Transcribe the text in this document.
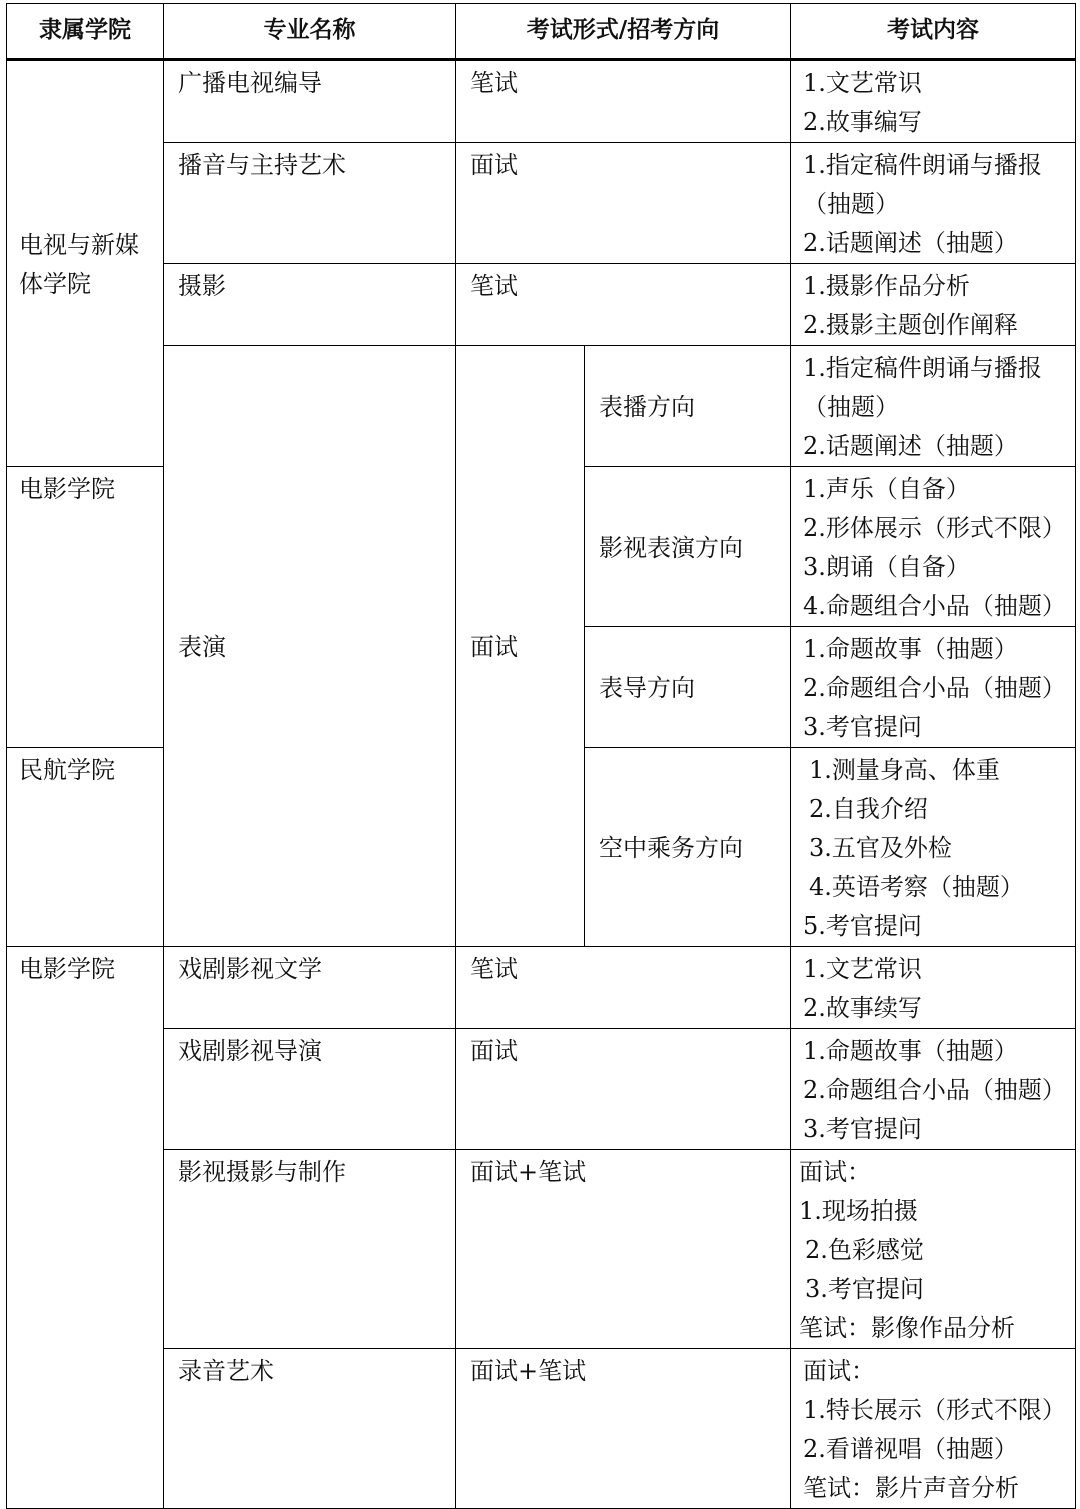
隶属学院	专业名称	考试形式/招考方向		考试内容

电视与新媒体学院	广播电视编导	笔试		1.文艺常识
2.故事编写

	播音与主持艺术	面试		1.指定稿件朗诵与播报
（抽题）
2.话题阐述（抽题）

	摄影	笔试		1.摄影作品分析
2.摄影主题创作阐释

	表演	面试	表播方向	1.指定稿件朗诵与播报
（抽题）
2.话题阐述（抽题）

电影学院			影视表演方向	1.声乐（自备）
2.形体展示（形式不限）
3.朗诵（自备）
4.命题组合小品（抽题）

			表导方向	1.命题故事（抽题）
2.命题组合小品（抽题）
3.考官提问

民航学院			空中乘务方向	1.测量身高、体重
2.自我介绍
3.五官及外检
4.英语考察（抽题）
5.考官提问

电影学院	戏剧影视文学	笔试		1.文艺常识
2.故事续写

	戏剧影视导演	面试		1.命题故事（抽题）
2.命题组合小品（抽题）
3.考官提问

	影视摄影与制作	面试+笔试		面试：
1.现场拍摄
2.色彩感觉
3.考官提问
笔试：影像作品分析

	录音艺术	面试+笔试		面试：
1.特长展示（形式不限）
2.看谱视唱（抽题）
笔试：影片声音分析
